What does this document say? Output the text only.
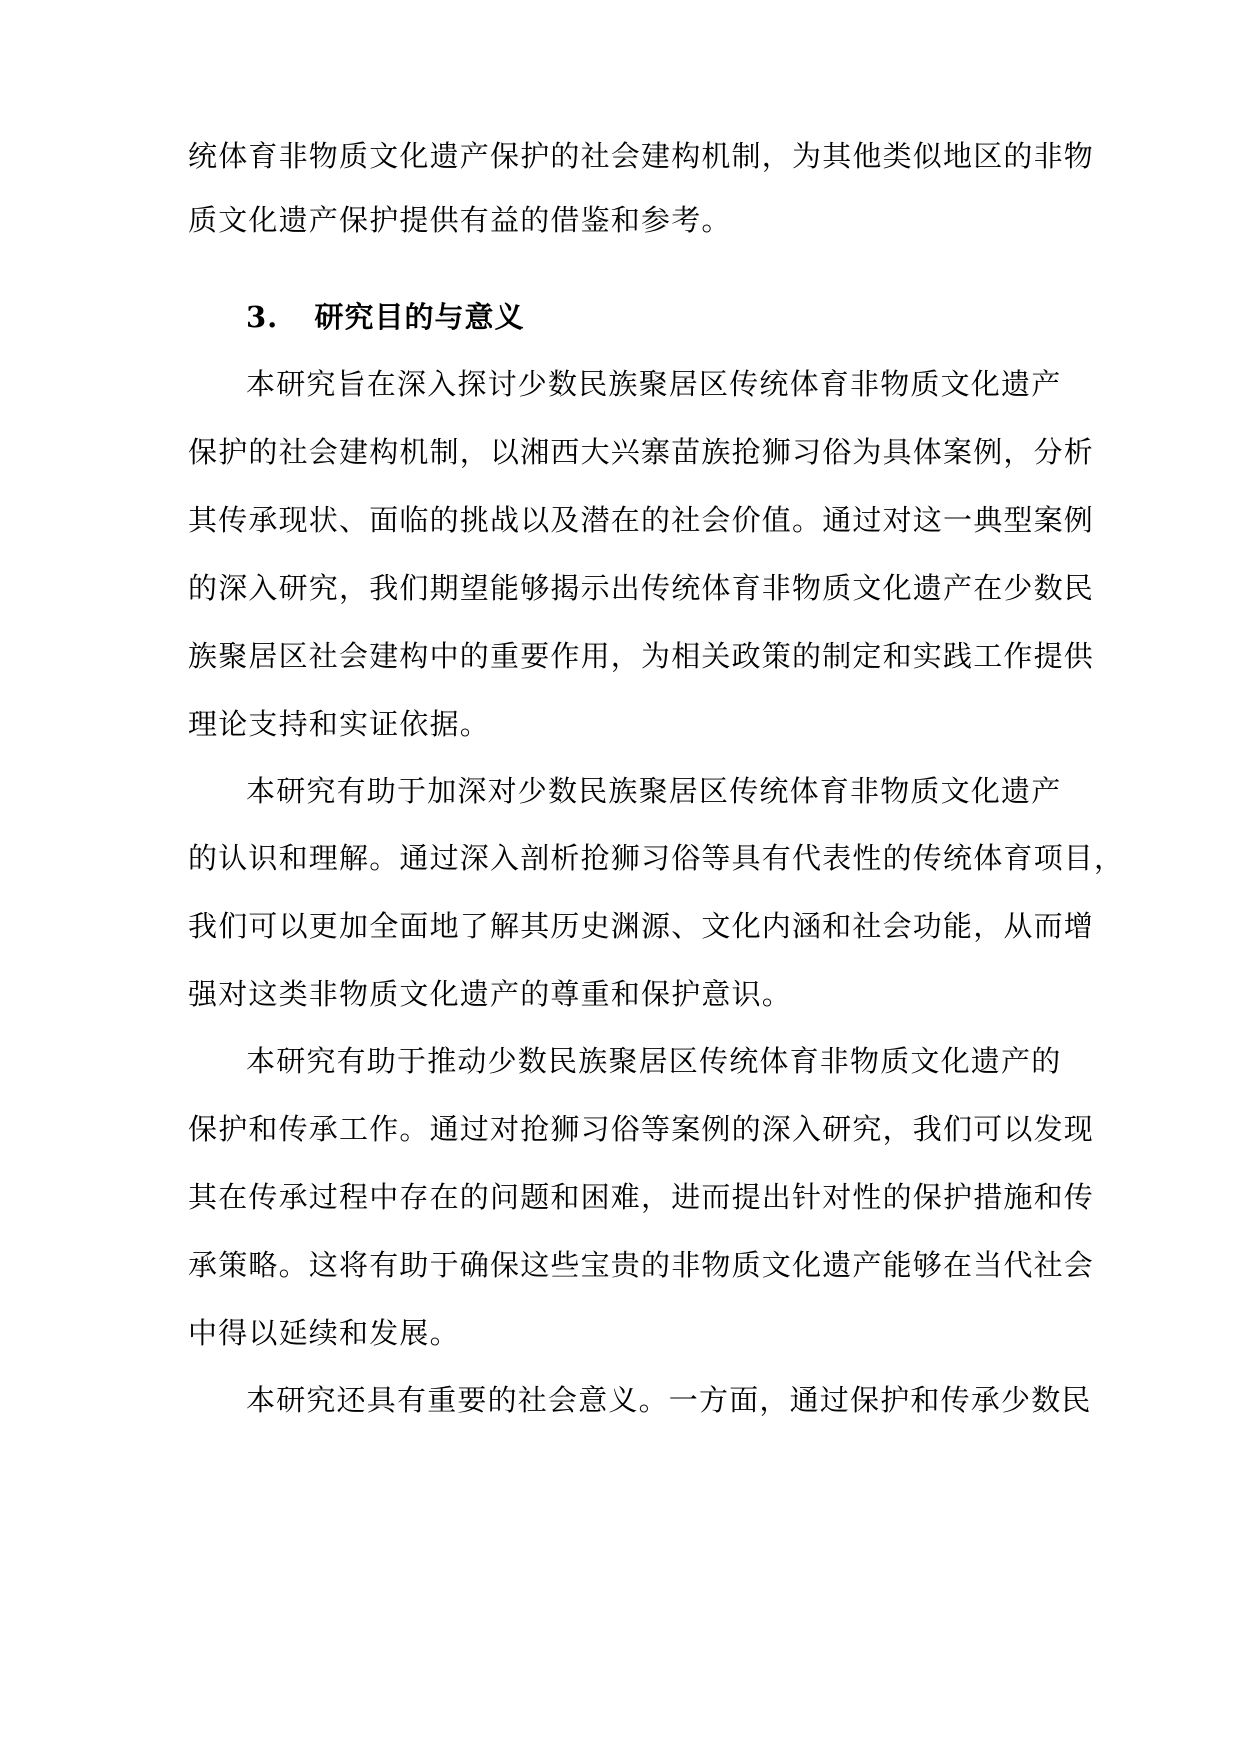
统体育非物质文化遗产保护的社会建构机制，为其他类似地区的非物
质文化遗产保护提供有益的借鉴和参考。
3. 研究目的与意义
本研究旨在深入探讨少数民族聚居区传统体育非物质文化遗产
保护的社会建构机制，以湘西大兴寨苗族抢狮习俗为具体案例，分析
其传承现状、面临的挑战以及潜在的社会价值。通过对这一典型案例
的深入研究，我们期望能够揭示出传统体育非物质文化遗产在少数民
族聚居区社会建构中的重要作用，为相关政策的制定和实践工作提供
理论支持和实证依据。
本研究有助于加深对少数民族聚居区传统体育非物质文化遗产
的认识和理解。通过深入剖析抢狮习俗等具有代表性的传统体育项目，
我们可以更加全面地了解其历史渊源、文化内涵和社会功能，从而增
强对这类非物质文化遗产的尊重和保护意识。
本研究有助于推动少数民族聚居区传统体育非物质文化遗产的
保护和传承工作。通过对抢狮习俗等案例的深入研究，我们可以发现
其在传承过程中存在的问题和困难，进而提出针对性的保护措施和传
承策略。这将有助于确保这些宝贵的非物质文化遗产能够在当代社会
中得以延续和发展。
本研究还具有重要的社会意义。一方面，通过保护和传承少数民
